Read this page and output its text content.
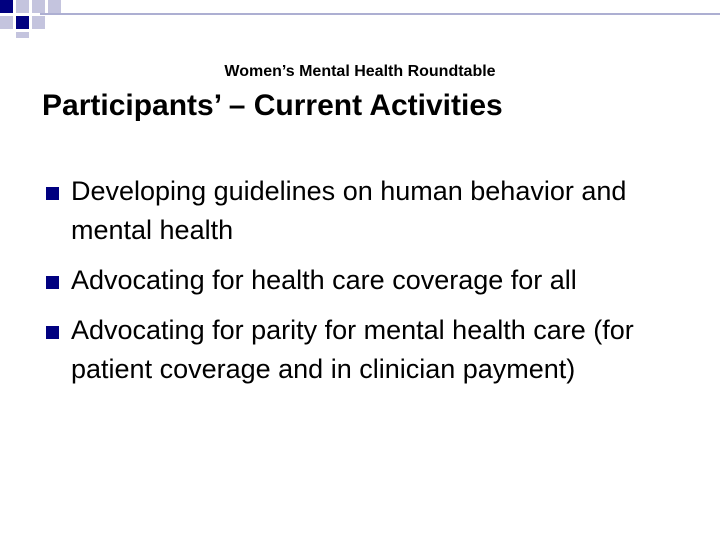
Women’s Mental Health Roundtable
Participants’ – Current Activities
Developing guidelines on human behavior and mental health
Advocating for health care coverage for all
Advocating for parity for mental health care (for patient coverage and in clinician payment)
